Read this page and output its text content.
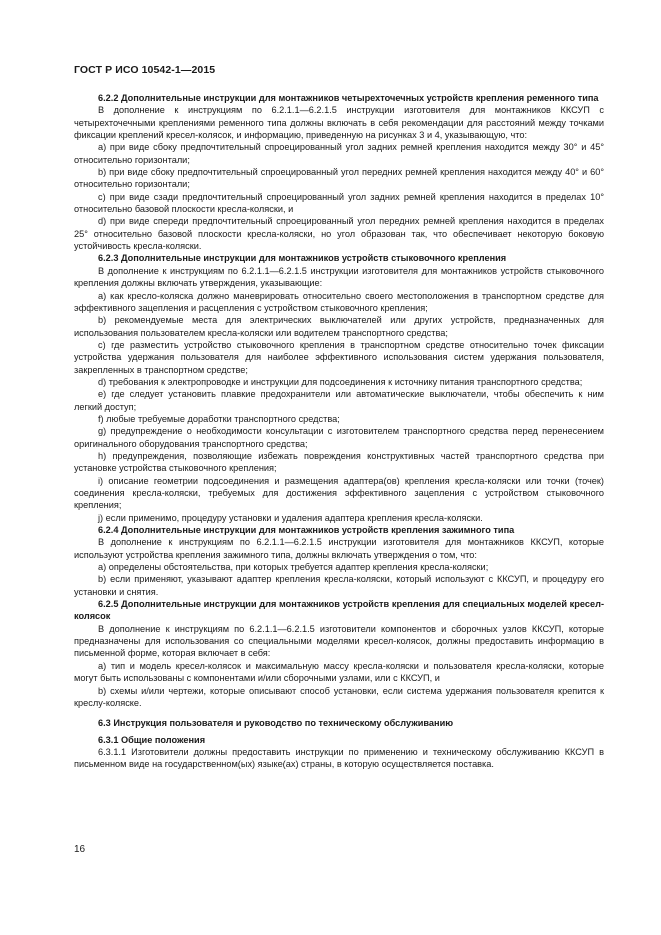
ГОСТ Р ИСО 10542-1—2015

6.2.2 Дополнительные инструкции для монтажников четырехточечных устройств крепления ременного типа

В дополнение к инструкциям по 6.2.1.1—6.2.1.5 инструкции изготовителя для монтажников ККСУП с четырехточечными креплениями ременного типа должны включать в себя рекомендации для расстояний между точками фиксации креплений кресел-колясок, и информацию, приведенную на рисунках 3 и 4, указывающую, что:

a) при виде сбоку предпочтительный спроецированный угол задних ремней крепления находится между 30° и 45° относительно горизонтали;

b) при виде сбоку предпочтительный спроецированный угол передних ремней крепления находится между 40° и 60° относительно горизонтали;

c) при виде сзади предпочтительный спроецированный угол задних ремней крепления находится в пределах 10° относительно базовой плоскости кресла-коляски, и

d) при виде спереди предпочтительный спроецированный угол передних ремней крепления находится в пределах 25° относительно базовой плоскости кресла-коляски, но угол образован так, что обеспечивает некоторую боковую устойчивость кресла-коляски.

6.2.3 Дополнительные инструкции для монтажников устройств стыковочного крепления

В дополнение к инструкциям по 6.2.1.1—6.2.1.5 инструкции изготовителя для монтажников устройств стыковочного крепления должны включать утверждения, указывающие:

a) как кресло-коляска должно маневрировать относительно своего местоположения в транспортном средстве для эффективного зацепления и расцепления с устройством стыковочного крепления;

b) рекомендуемые места для электрических выключателей или других устройств, предназначенных для использования пользователем кресла-коляски или водителем транспортного средства;

c) где разместить устройство стыковочного крепления в транспортном средстве относительно точек фиксации устройства удержания пользователя для наиболее эффективного использования систем удержания пользователя, закрепленных в транспортном средстве;

d) требования к электропроводке и инструкции для подсоединения к источнику питания транспортного средства;

e) где следует установить плавкие предохранители или автоматические выключатели, чтобы обеспечить к ним легкий доступ;

f) любые требуемые доработки транспортного средства;

g) предупреждение о необходимости консультации с изготовителем транспортного средства перед перенесением оригинального оборудования транспортного средства;

h) предупреждения, позволяющие избежать повреждения конструктивных частей транспортного средства при установке устройства стыковочного крепления;

i) описание геометрии подсоединения и размещения адаптера(ов) крепления кресла-коляски или точки (точек) соединения кресла-коляски, требуемых для достижения эффективного зацепления с устройством стыковочного крепления;

j) если применимо, процедуру установки и удаления адаптера крепления кресла-коляски.

6.2.4 Дополнительные инструкции для монтажников устройств крепления зажимного типа

В дополнение к инструкциям по 6.2.1.1—6.2.1.5 инструкции изготовителя для монтажников ККСУП, которые используют устройства крепления зажимного типа, должны включать утверждения о том, что:

a) определены обстоятельства, при которых требуется адаптер крепления кресла-коляски;

b) если применяют, указывают адаптер крепления кресла-коляски, который используют с ККСУП, и процедуру его установки и снятия.

6.2.5 Дополнительные инструкции для монтажников устройств крепления для специальных моделей кресел-колясок

В дополнение к инструкциям по 6.2.1.1—6.2.1.5 изготовители компонентов и сборочных узлов ККСУП, которые предназначены для использования со специальными моделями кресел-колясок, должны предоставить информацию в письменной форме, которая включает в себя:

a) тип и модель кресел-колясок и максимальную массу кресла-коляски и пользователя кресла-коляски, которые могут быть использованы с компонентами и/или сборочными узлами, или с ККСУП, и

b) схемы и/или чертежи, которые описывают способ установки, если система удержания пользователя крепится к креслу-коляске.

6.3 Инструкция пользователя и руководство по техническому обслуживанию

6.3.1 Общие положения

6.3.1.1 Изготовители должны предоставить инструкции по применению и техническому обслуживанию ККСУП в письменном виде на государственном(ых) языке(ах) страны, в которую осуществляется поставка.

16
